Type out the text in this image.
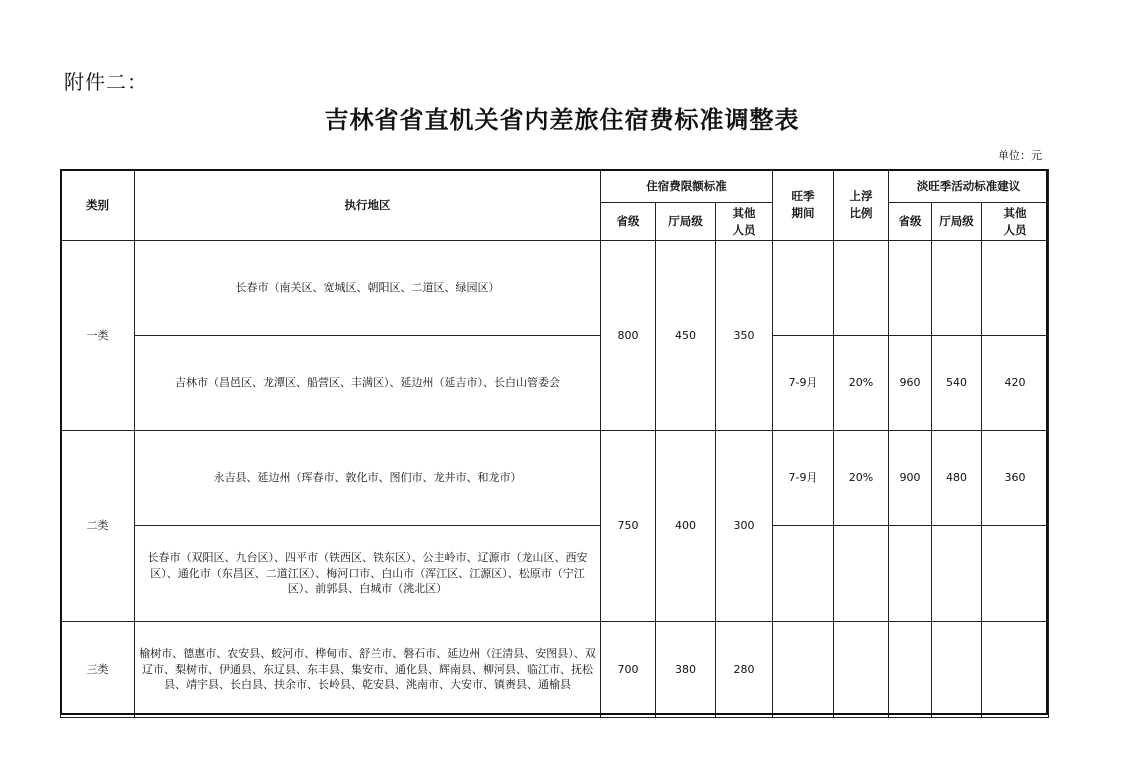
附件二：
吉林省省直机关省内差旅住宿费标准调整表
单位：元
类别	执行地区	住宿费限额标准			旺季期间	上浮比例	淡旺季活动标准建议		
		省级	厅局级	其他人员			省级	厅局级	其他人员
一类	长春市（南关区、宽城区、朝阳区、二道区、绿园区）	800	450	350					
	吉林市（昌邑区、龙潭区、船营区、丰满区）、延边州（延吉市）、长白山管委会				7-9月	20%	960	540	420
二类	永吉县、延边州（珲春市、敦化市、图们市、龙井市、和龙市）	750	400	300	7-9月	20%	900	480	360
	长春市（双阳区、九台区）、四平市（铁西区、铁东区）、公主岭市、辽源市（龙山区、西安区）、通化市（东昌区、二道江区）、梅河口市、白山市（浑江区、江源区）、松原市（宁江区）、前郭县、白城市（洮北区）								
三类	榆树市、德惠市、农安县、蛟河市、桦甸市、舒兰市、磐石市、延边州（汪清县、安图县）、双辽市、梨树市、伊通县、东辽县、东丰县、集安市、通化县、辉南县、柳河县、临江市、抚松县、靖宇县、长白县、扶余市、长岭县、乾安县、洮南市、大安市、镇赉县、通榆县	700	380	280					
